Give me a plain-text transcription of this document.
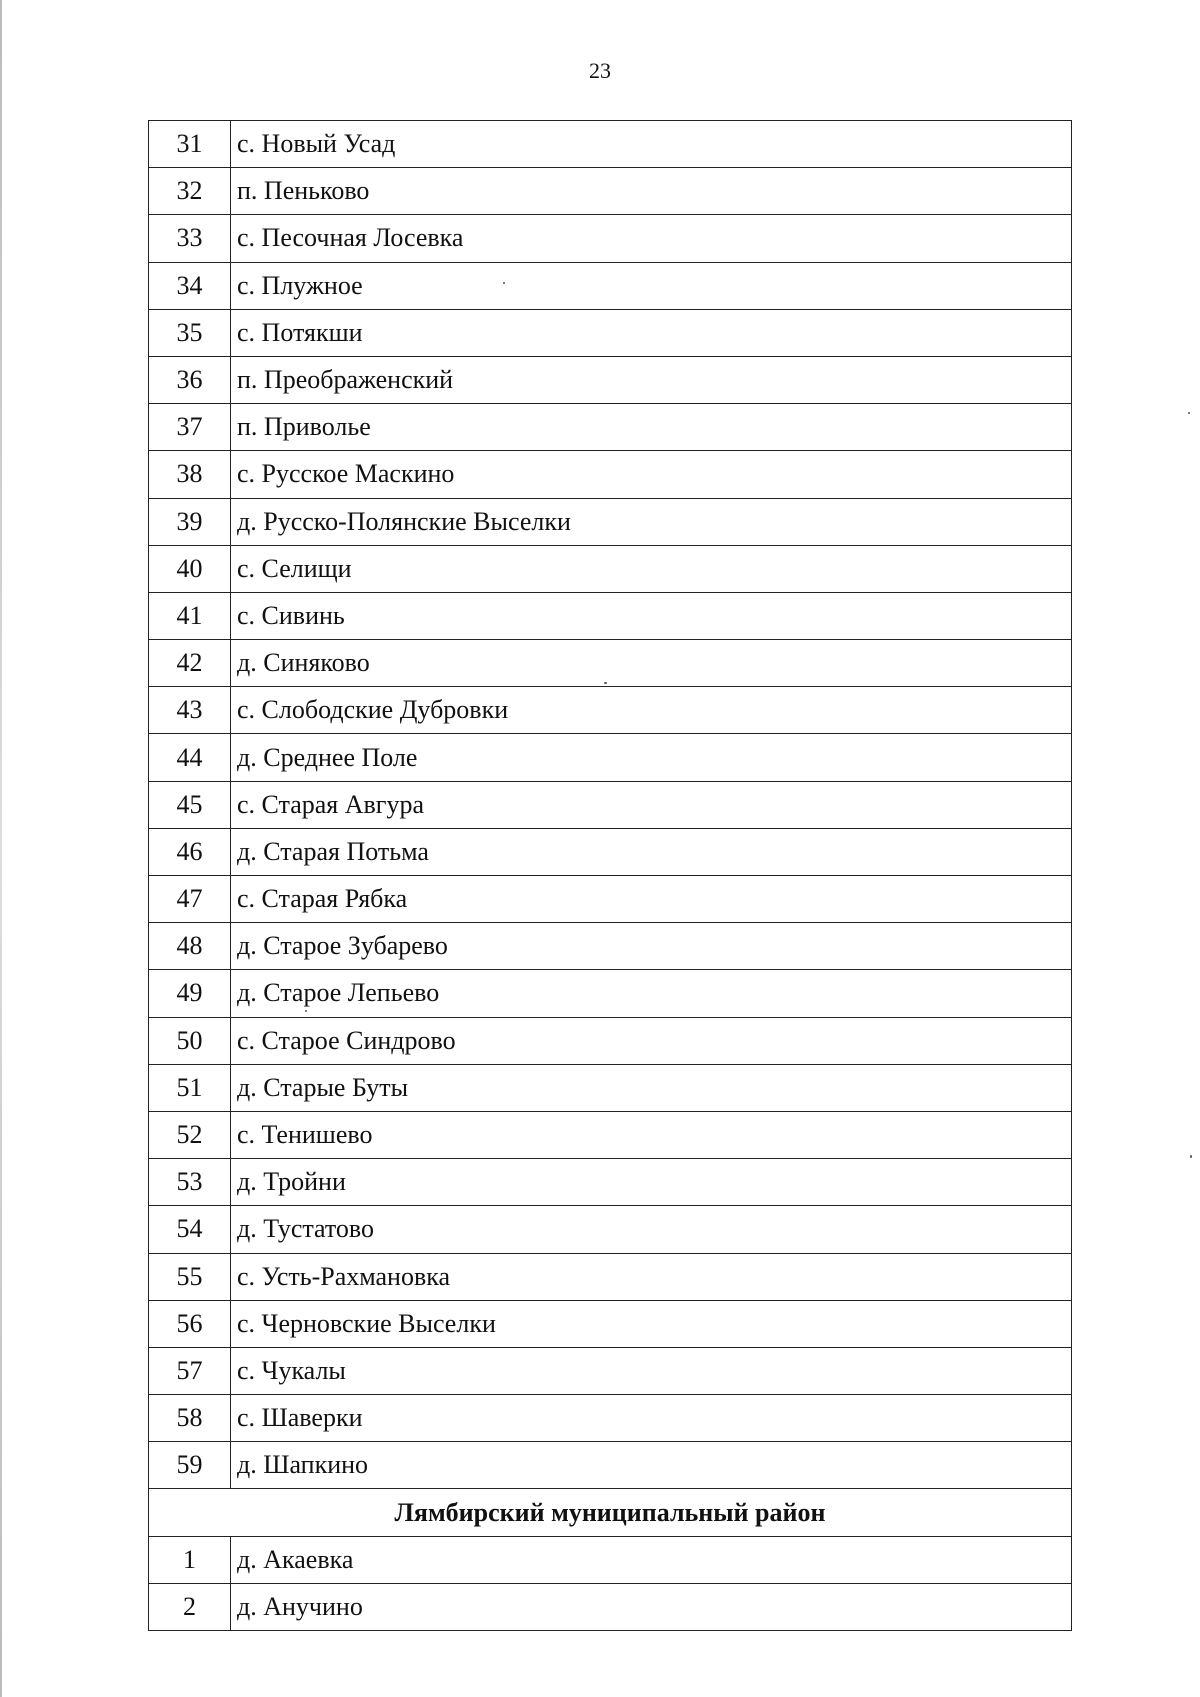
23
31	с. Новый Усад
32	п. Пеньково
33	с. Песочная Лосевка
34	с. Плужное
35	с. Потякши
36	п. Преображенский
37	п. Приволье
38	с. Русское Маскино
39	д. Русско-Полянские Выселки
40	с. Селищи
41	с. Сивинь
42	д. Синяково
43	с. Слободские Дубровки
44	д. Среднее Поле
45	с. Старая Авгура
46	д. Старая Потьма
47	с. Старая Рябка
48	д. Старое Зубарево
49	д. Старое Лепьево
50	с. Старое Синдрово
51	д. Старые Буты
52	с. Тенишево
53	д. Тройни
54	д. Тустатово
55	с. Усть-Рахмановка
56	с. Черновские Выселки
57	с. Чукалы
58	с. Шаверки
59	д. Шапкино
Лямбирский муниципальный район	
1	д. Акаевка
2	д. Анучино
